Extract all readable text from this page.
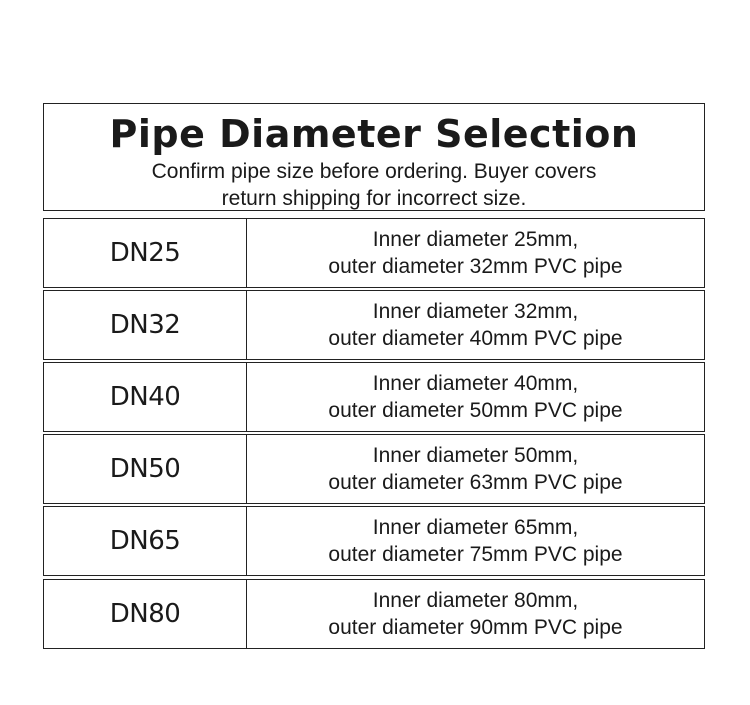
Pipe Diameter Selection
Confirm pipe size before ordering. Buyer covers
return shipping for incorrect size.
DN25	Inner diameter 25mm,
outer diameter 32mm PVC pipe
DN32	Inner diameter 32mm,
outer diameter 40mm PVC pipe
DN40	Inner diameter 40mm,
outer diameter 50mm PVC pipe
DN50	Inner diameter 50mm,
outer diameter 63mm PVC pipe
DN65	Inner diameter 65mm,
outer diameter 75mm PVC pipe
DN80	Inner diameter 80mm,
outer diameter 90mm PVC pipe
